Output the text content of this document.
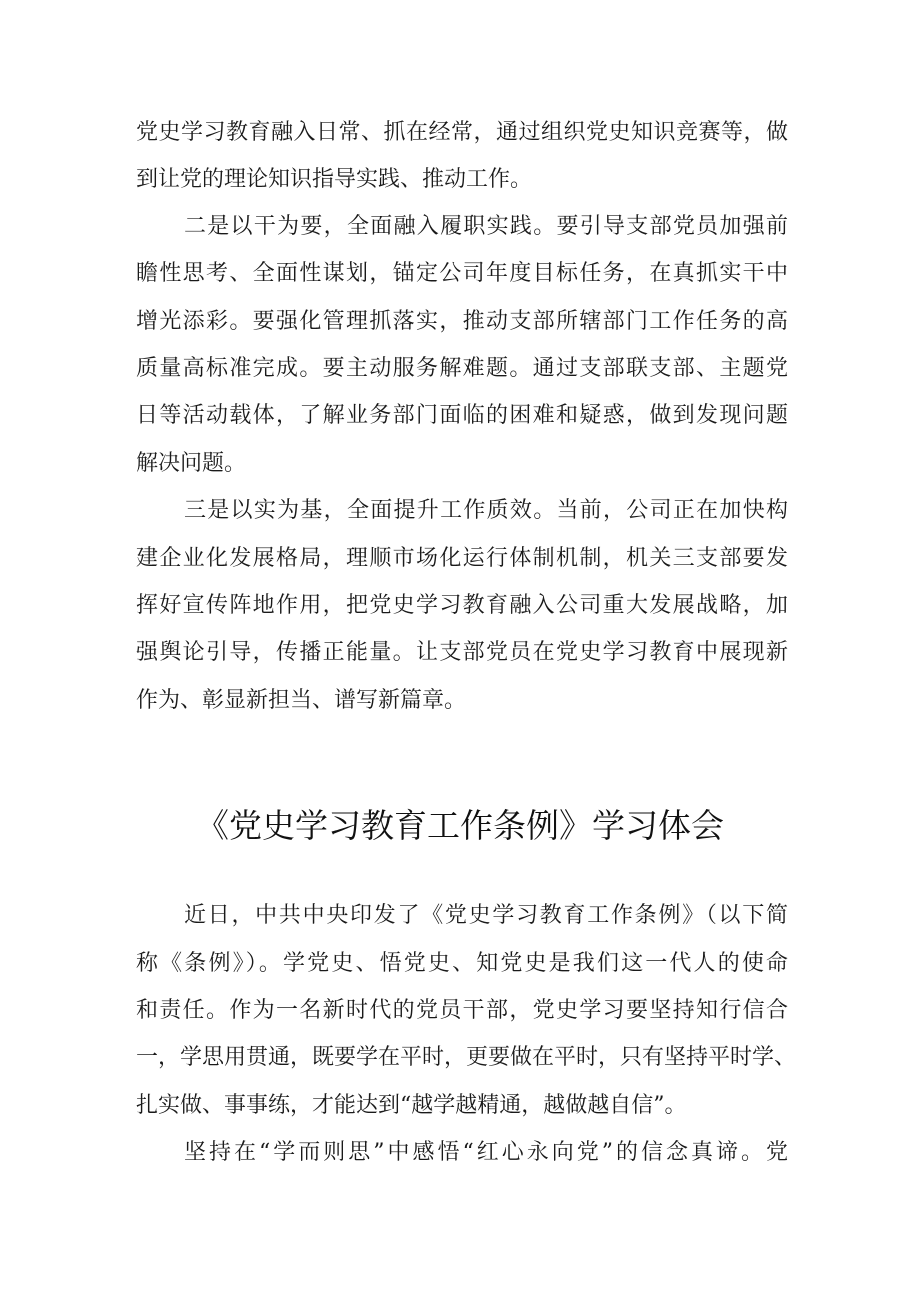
党史学习教育融入日常、抓在经常，通过组织党史知识竞赛等，做
到让党的理论知识指导实践、推动工作。
二是以干为要，全面融入履职实践。要引导支部党员加强前
瞻性思考、全面性谋划，锚定公司年度目标任务，在真抓实干中
增光添彩。要强化管理抓落实，推动支部所辖部门工作任务的高
质量高标准完成。要主动服务解难题。通过支部联支部、主题党
日等活动载体，了解业务部门面临的困难和疑惑，做到发现问题
解决问题。
三是以实为基，全面提升工作质效。当前，公司正在加快构
建企业化发展格局，理顺市场化运行体制机制，机关三支部要发
挥好宣传阵地作用，把党史学习教育融入公司重大发展战略，加
强舆论引导，传播正能量。让支部党员在党史学习教育中展现新
作为、彰显新担当、谱写新篇章。
《党史学习教育工作条例》学习体会
近日，中共中央印发了《党史学习教育工作条例》（以下简
称《条例》）。学党史、悟党史、知党史是我们这一代人的使命
和责任。作为一名新时代的党员干部，党史学习要坚持知行信合
一，学思用贯通，既要学在平时，更要做在平时，只有坚持平时学、
扎实做、事事练，才能达到“越学越精通，越做越自信”。
坚持在“学而则思”中感悟“红心永向党”的信念真谛。党
